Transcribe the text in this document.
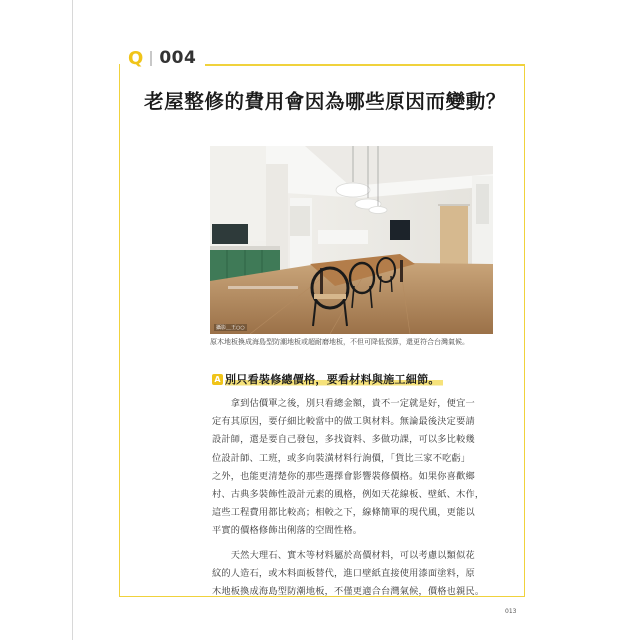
Q 004
老屋整修的費用會因為哪些原因而變動？
攝影＿王○○
原木地板換成海島型防潮地板或超耐磨地板，不但可降低預算，還更符合台灣氣候。
A 別只看裝修總價格，要看材料與施工細節。
　　拿到估價單之後，別只看總金額，貴不一定就是好，便宜一
定有其原因，要仔細比較當中的做工與材料。無論最後決定要請
設計師，還是要自己發包，多找資料、多做功課，可以多比較幾
位設計師、工班，或多向裝潢材料行詢價，「貨比三家不吃虧」
之外，也能更清楚你的那些選擇會影響裝修價格。如果你喜歡鄉
村、古典多裝飾性設計元素的風格，例如天花線板、壁紙、木作，
這些工程費用都比較高；相較之下，線條簡單的現代風，更能以
平實的價格修飾出俐落的空間性格。
　　天然大理石、實木等材料屬於高價材料，可以考慮以類似花
紋的人造石，或木料面板替代，進口壁紙直接使用漆面塗料，原
木地板換成海島型防潮地板，不僅更適合台灣氣候，價格也親民。
013
